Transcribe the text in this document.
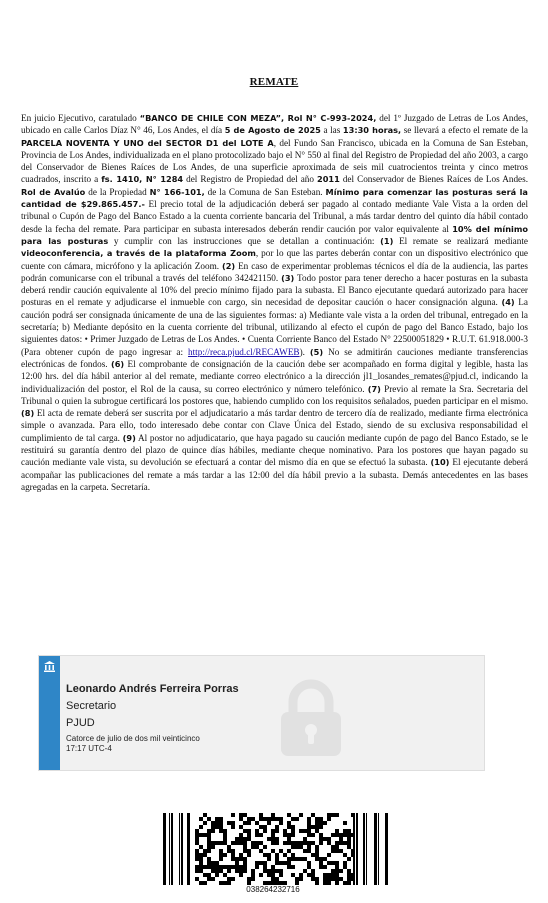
REMATE
En juicio Ejecutivo, caratulado “BANCO DE CHILE CON MEZA”, Rol N° C-993-2024, del 1º Juzgado de Letras de Los Andes, ubicado en calle Carlos Díaz N° 46, Los Andes, el día 5 de Agosto de 2025 a las 13:30 horas, se llevará a efecto el remate de la PARCELA NOVENTA Y UNO del SECTOR D1 del LOTE A, del Fundo San Francisco, ubicada en la Comuna de San Esteban, Provincia de Los Andes, individualizada en el plano protocolizado bajo el N° 550 al final del Registro de Propiedad del año 2003, a cargo del Conservador de Bienes Raíces de Los Andes, de una superficie aproximada de seis mil cuatrocientos treinta y cinco metros cuadrados, inscrito a fs. 1410, N° 1284 del Registro de Propiedad del año 2011 del Conservador de Bienes Raíces de Los Andes. Rol de Avalúo de la Propiedad N° 166-101, de la Comuna de San Esteban. Mínimo para comenzar las posturas será la cantidad de $29.865.457.- El precio total de la adjudicación deberá ser pagado al contado mediante Vale Vista a la orden del tribunal o Cupón de Pago del Banco Estado a la cuenta corriente bancaria del Tribunal, a más tardar dentro del quinto día hábil contado desde la fecha del remate. Para participar en subasta interesados deberán rendir caución por valor equivalente al 10% del mínimo para las posturas y cumplir con las instrucciones que se detallan a continuación: (1) El remate se realizará mediante videoconferencia, a través de la plataforma Zoom, por lo que las partes deberán contar con un dispositivo electrónico que cuente con cámara, micrófono y la aplicación Zoom. (2) En caso de experimentar problemas técnicos el día de la audiencia, las partes podrán comunicarse con el tribunal a través del teléfono 342421150. (3) Todo postor para tener derecho a hacer posturas en la subasta deberá rendir caución equivalente al 10% del precio mínimo fijado para la subasta. El Banco ejecutante quedará autorizado para hacer posturas en el remate y adjudicarse el inmueble con cargo, sin necesidad de depositar caución o hacer consignación alguna. (4) La caución podrá ser consignada únicamente de una de las siguientes formas: a) Mediante vale vista a la orden del tribunal, entregado en la secretaría; b) Mediante depósito en la cuenta corriente del tribunal, utilizando al efecto el cupón de pago del Banco Estado, bajo los siguientes datos: • Primer Juzgado de Letras de Los Andes. • Cuenta Corriente Banco del Estado N° 22500051829 • R.U.T. 61.918.000-3 (Para obtener cupón de pago ingresar a: http://reca.pjud.cl/RECAWEB). (5) No se admitirán cauciones mediante transferencias electrónicas de fondos. (6) El comprobante de consignación de la caución debe ser acompañado en forma digital y legible, hasta las 12:00 hrs. del día hábil anterior al del remate, mediante correo electrónico a la dirección jl1_losandes_remates@pjud.cl, indicando la individualización del postor, el Rol de la causa, su correo electrónico y número telefónico. (7) Previo al remate la Sra. Secretaria del Tribunal o quien la subrogue certificará los postores que, habiendo cumplido con los requisitos señalados, pueden participar en el mismo. (8) El acta de remate deberá ser suscrita por el adjudicatario a más tardar dentro de tercero día de realizado, mediante firma electrónica simple o avanzada. Para ello, todo interesado debe contar con Clave Única del Estado, siendo de su exclusiva responsabilidad el cumplimiento de tal carga. (9) Al postor no adjudicatario, que haya pagado su caución mediante cupón de pago del Banco Estado, se le restituirá su garantía dentro del plazo de quince días hábiles, mediante cheque nominativo. Para los postores que hayan pagado su caución mediante vale vista, su devolución se efectuará a contar del mismo día en que se efectuó la subasta. (10) El ejecutante deberá acompañar las publicaciones del remate a más tardar a las 12:00 del día hábil previo a la subasta. Demás antecedentes en las bases agregadas en la carpeta. Secretaría.
Leonardo Andrés Ferreira Porras
Secretario
PJUD
Catorce de julio de dos mil veinticinco
17:17 UTC-4
038264232716
